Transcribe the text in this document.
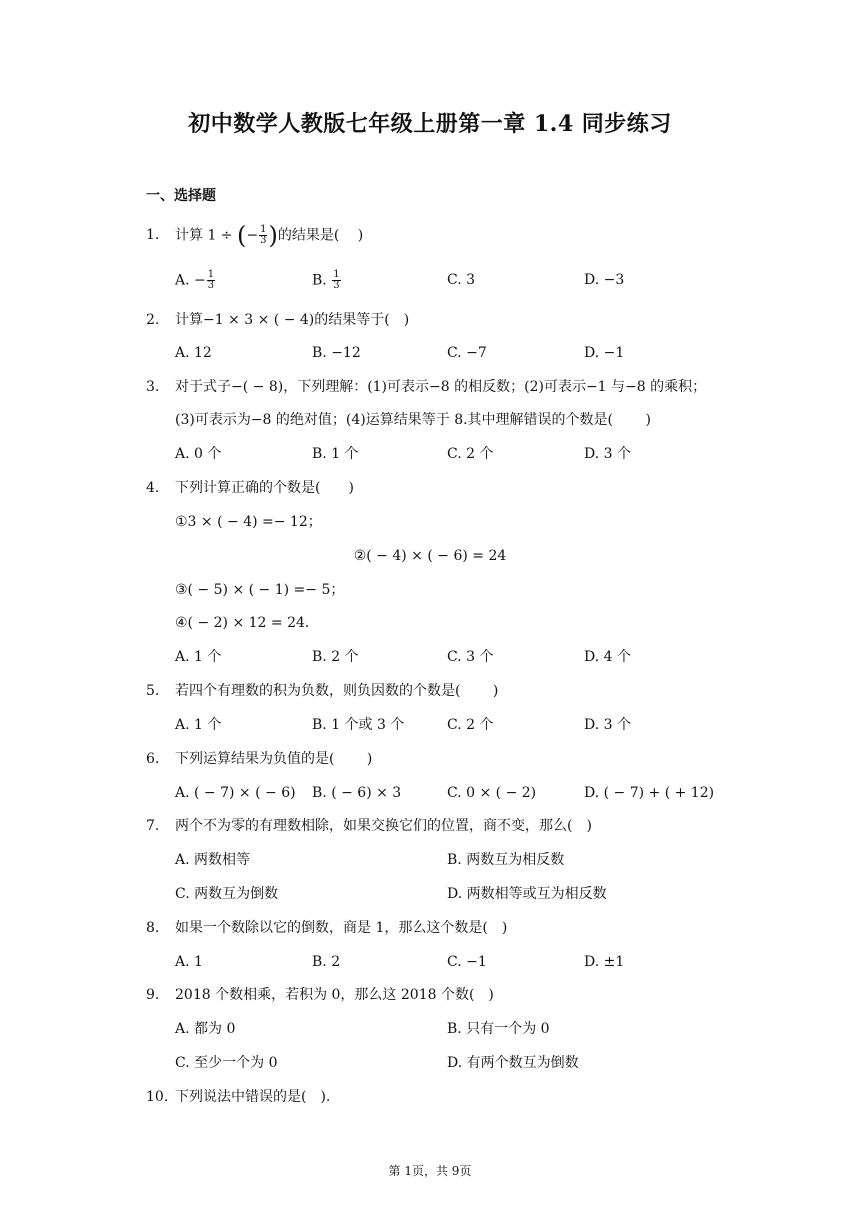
初中数学人教版七年级上册第一章 1.4 同步练习
一、选择题
1. 计算 1 ÷ (− $\frac{1}{3}$ )的结果是(　 )
A. − $\frac{1}{3}$	B. $\frac{1}{3}$	C. 3	D. −3
2. 计算−1 × 3 × ( − 4)的结果等于(　)
A. 12	B. −12	C. −7	D. −1
3. 对于式子−( − 8)，下列理解：(1)可表示−8 的相反数；(2)可表示−1 与−8 的乘积；
(3)可表示为−8 的绝对值；(4)运算结果等于 8.其中理解错误的个数是(　　 )
A. 0 个	B. 1 个	C. 2 个	D. 3 个
4. 下列计算正确的个数是(　　)
①3 × ( − 4) =− 12；
②( − 4) × ( − 6) = 24
③( − 5) × ( − 1) =− 5；
④( − 2) × 12 = 24．
A. 1 个	B. 2 个	C. 3 个	D. 4 个
5. 若四个有理数的积为负数，则负因数的个数是(　　 )
A. 1 个	B. 1 个或 3 个	C. 2 个	D. 3 个
6. 下列运算结果为负值的是(　　 )
A. ( − 7) × ( − 6) B. ( − 6) × 3	C. 0 × ( − 2)	D. ( − 7) + ( + 12)
7. 两个不为零的有理数相除，如果交换它们的位置，商不变，那么(　)
A. 两数相等	B. 两数互为相反数
C. 两数互为倒数	D. 两数相等或互为相反数
8. 如果一个数除以它的倒数，商是 1，那么这个数是(　)
A. 1	B. 2	C. −1	D. ±1
9. 2018 个数相乘，若积为 0，那么这 2018 个数(　)
A. 都为 0	B. 只有一个为 0
C. 至少一个为 0	D. 有两个数互为倒数
10. 下列说法中错误的是(　).
第 1页，共 9页
